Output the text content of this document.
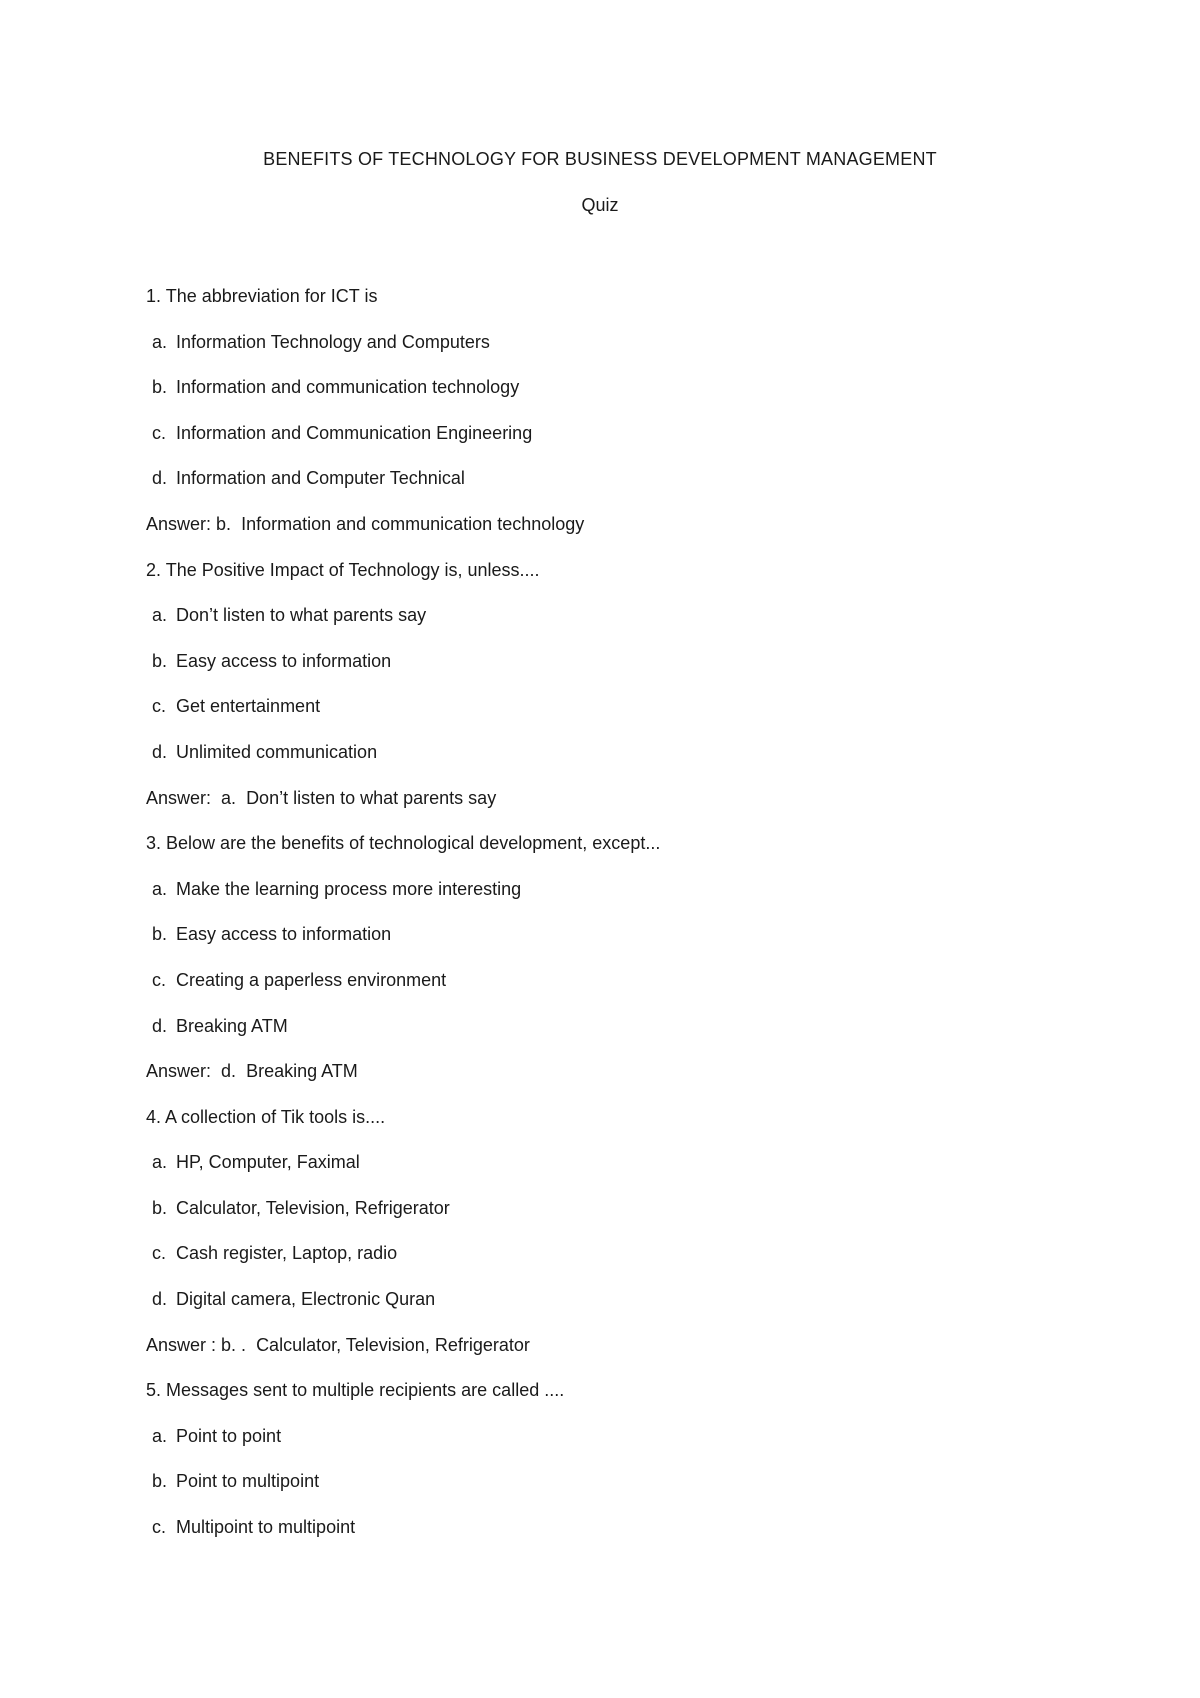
BENEFITS OF TECHNOLOGY FOR BUSINESS DEVELOPMENT MANAGEMENT
Quiz
1. The abbreviation for ICT is
a. Information Technology and Computers
b. Information and communication technology
c. Information and Communication Engineering
d. Information and Computer Technical
Answer: b. Information and communication technology
2. The Positive Impact of Technology is, unless....
a. Don’t listen to what parents say
b. Easy access to information
c. Get entertainment
d. Unlimited communication
Answer:  a. Don’t listen to what parents say
3. Below are the benefits of technological development, except...
a. Make the learning process more interesting
b. Easy access to information
c. Creating a paperless environment
d. Breaking ATM
Answer:  d. Breaking ATM
4. A collection of Tik tools is....
a. HP, Computer, Faximal
b. Calculator, Television, Refrigerator
c. Cash register, Laptop, radio
d. Digital camera, Electronic Quran
Answer : b. . Calculator, Television, Refrigerator
5. Messages sent to multiple recipients are called ....
a. Point to point
b. Point to multipoint
c. Multipoint to multipoint
